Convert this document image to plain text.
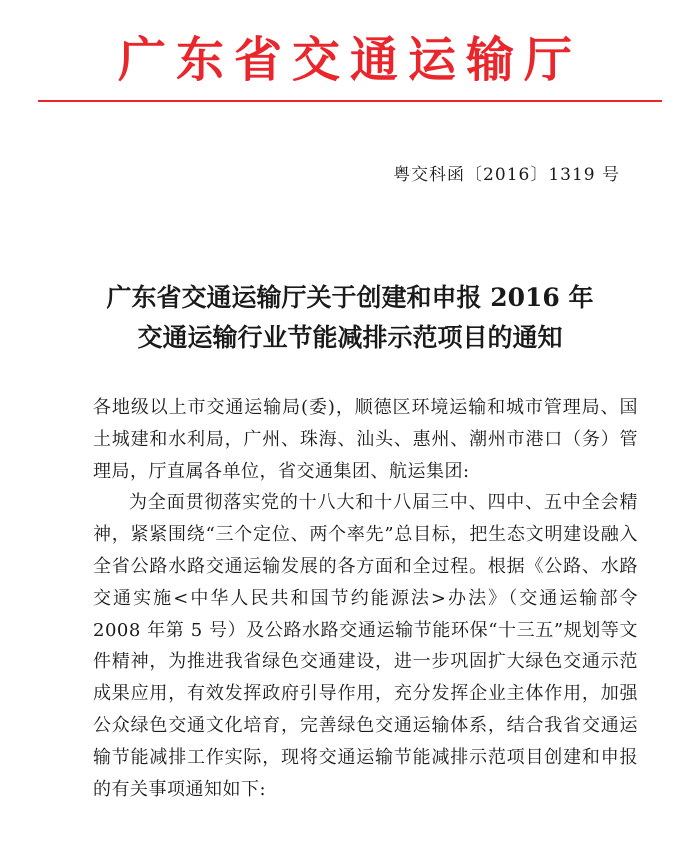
广东省交通运输厅
粤交科函〔2016〕1319 号
广东省交通运输厅关于创建和申报 2016 年
交通运输行业节能减排示范项目的通知

各地级以上市交通运输局(委)，顺德区环境运输和城市管理局、国土城建和水利局，广州、珠海、汕头、惠州、潮州市港口（务）管理局，厅直属各单位，省交通集团、航运集团:

为全面贯彻落实党的十八大和十八届三中、四中、五中全会精神，紧紧围绕“三个定位、两个率先”总目标，把生态文明建设融入全省公路水路交通运输发展的各方面和全过程。根据《公路、水路交通实施<中华人民共和国节约能源法>办法》（交通运输部令 2008 年第 5 号）及公路水路交通运输节能环保“十三五”规划等文件精神，为推进我省绿色交通建设，进一步巩固扩大绿色交通示范成果应用，有效发挥政府引导作用，充分发挥企业主体作用，加强公众绿色交通文化培育，完善绿色交通运输体系，结合我省交通运输节能减排工作实际，现将交通运输节能减排示范项目创建和申报的有关事项通知如下:
